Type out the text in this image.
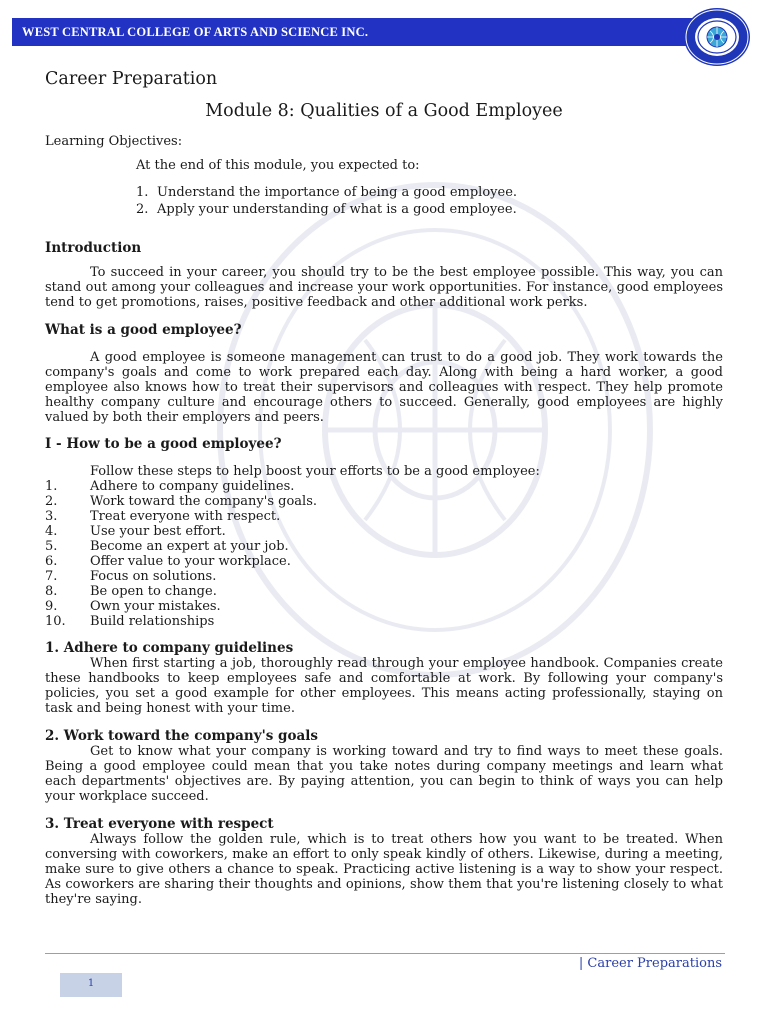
WEST CENTRAL COLLEGE OF ARTS AND SCIENCE INC.
Career Preparation
Module 8: Qualities of a Good Employee
Learning Objectives:
At the end of this module, you expected to:
1. Understand the importance of being a good employee.
2. Apply your understanding of what is a good employee.
Introduction

To succeed in your career, you should try to be the best employee possible. This way, you can stand out among your colleagues and increase your work opportunities. For instance, good employees tend to get promotions, raises, positive feedback and other additional work perks.

What is a good employee?

A good employee is someone management can trust to do a good job. They work towards the company's goals and come to work prepared each day. Along with being a hard worker, a good employee also knows how to treat their supervisors and colleagues with respect. They help promote healthy company culture and encourage others to succeed. Generally, good employees are highly valued by both their employers and peers.

I - How to be a good employee?
Follow these steps to help boost your efforts to be a good employee:
1.	Adhere to company guidelines.
2.	Work toward the company's goals.
3.	Treat everyone with respect.
4.	Use your best effort.
5.	Become an expert at your job.
6.	Offer value to your workplace.
7.	Focus on solutions.
8.	Be open to change.
9.	Own your mistakes.
10. Build relationships
1. Adhere to company guidelines

When first starting a job, thoroughly read through your employee handbook. Companies create these handbooks to keep employees safe and comfortable at work. By following your company's policies, you set a good example for other employees. This means acting professionally, staying on task and being honest with your time.

2. Work toward the company's goals

Get to know what your company is working toward and try to find ways to meet these goals. Being a good employee could mean that you take notes during company meetings and learn what each departments' objectives are. By paying attention, you can begin to think of ways you can help your workplace succeed.

3. Treat everyone with respect

Always follow the golden rule, which is to treat others how you want to be treated. When conversing with coworkers, make an effort to only speak kindly of others. Likewise, during a meeting, make sure to give others a chance to speak. Practicing active listening is a way to show your respect. As coworkers are sharing their thoughts and opinions, show them that you're listening closely to what they're saying.

| Career Preparations
1
